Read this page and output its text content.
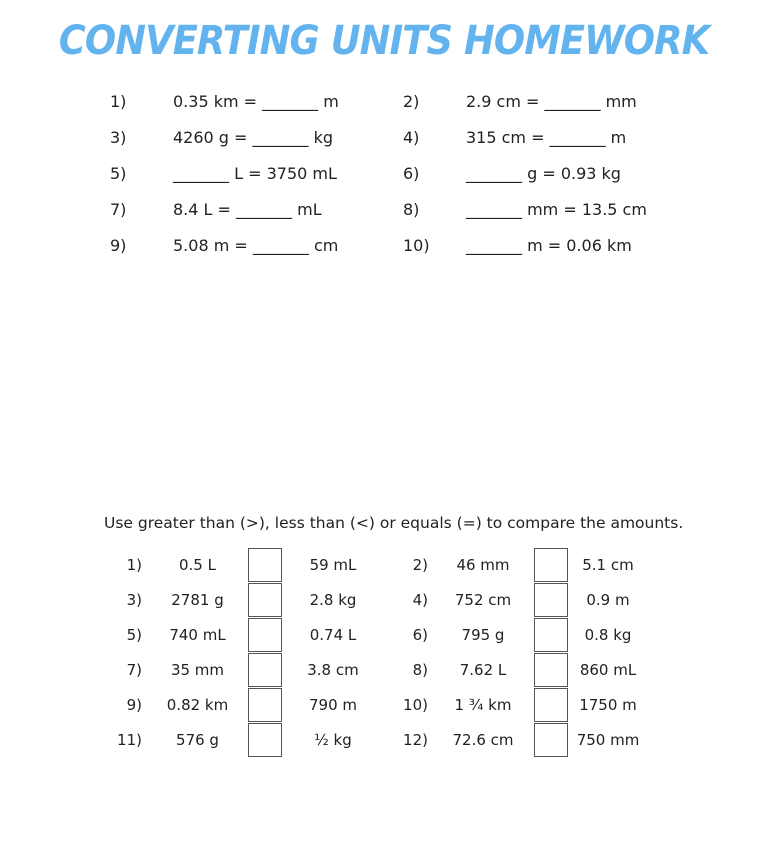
CONVERTING UNITS HOMEWORK
1)	0.35 km = _______ m	2)	2.9 cm = _______ mm
3)	4260 g = _______ kg	4)	315 cm = _______ m
5)	_______ L = 3750 mL	6)	_______ g = 0.93 kg
7)	8.4 L = _______ mL	8)	_______ mm = 13.5 cm
9)	5.08 m = _______ cm	10) _______ m = 0.06 km
Use greater than (>), less than (<) or equals (=) to compare the amounts.
1)	0.5 L	59 mL	2)	46 mm	5.1 cm
3)	2781 g	2.8 kg	4)	752 cm	0.9 m
5)	740 mL	0.74 L	6)	795 g	0.8 kg
7)	35 mm	3.8 cm	8)	7.62 L	860 mL
9)	0.82 km	790 m	10)	1 ¾ km	1750 m
11)	576 g	½ kg	12)	72.6 cm	750 mm
